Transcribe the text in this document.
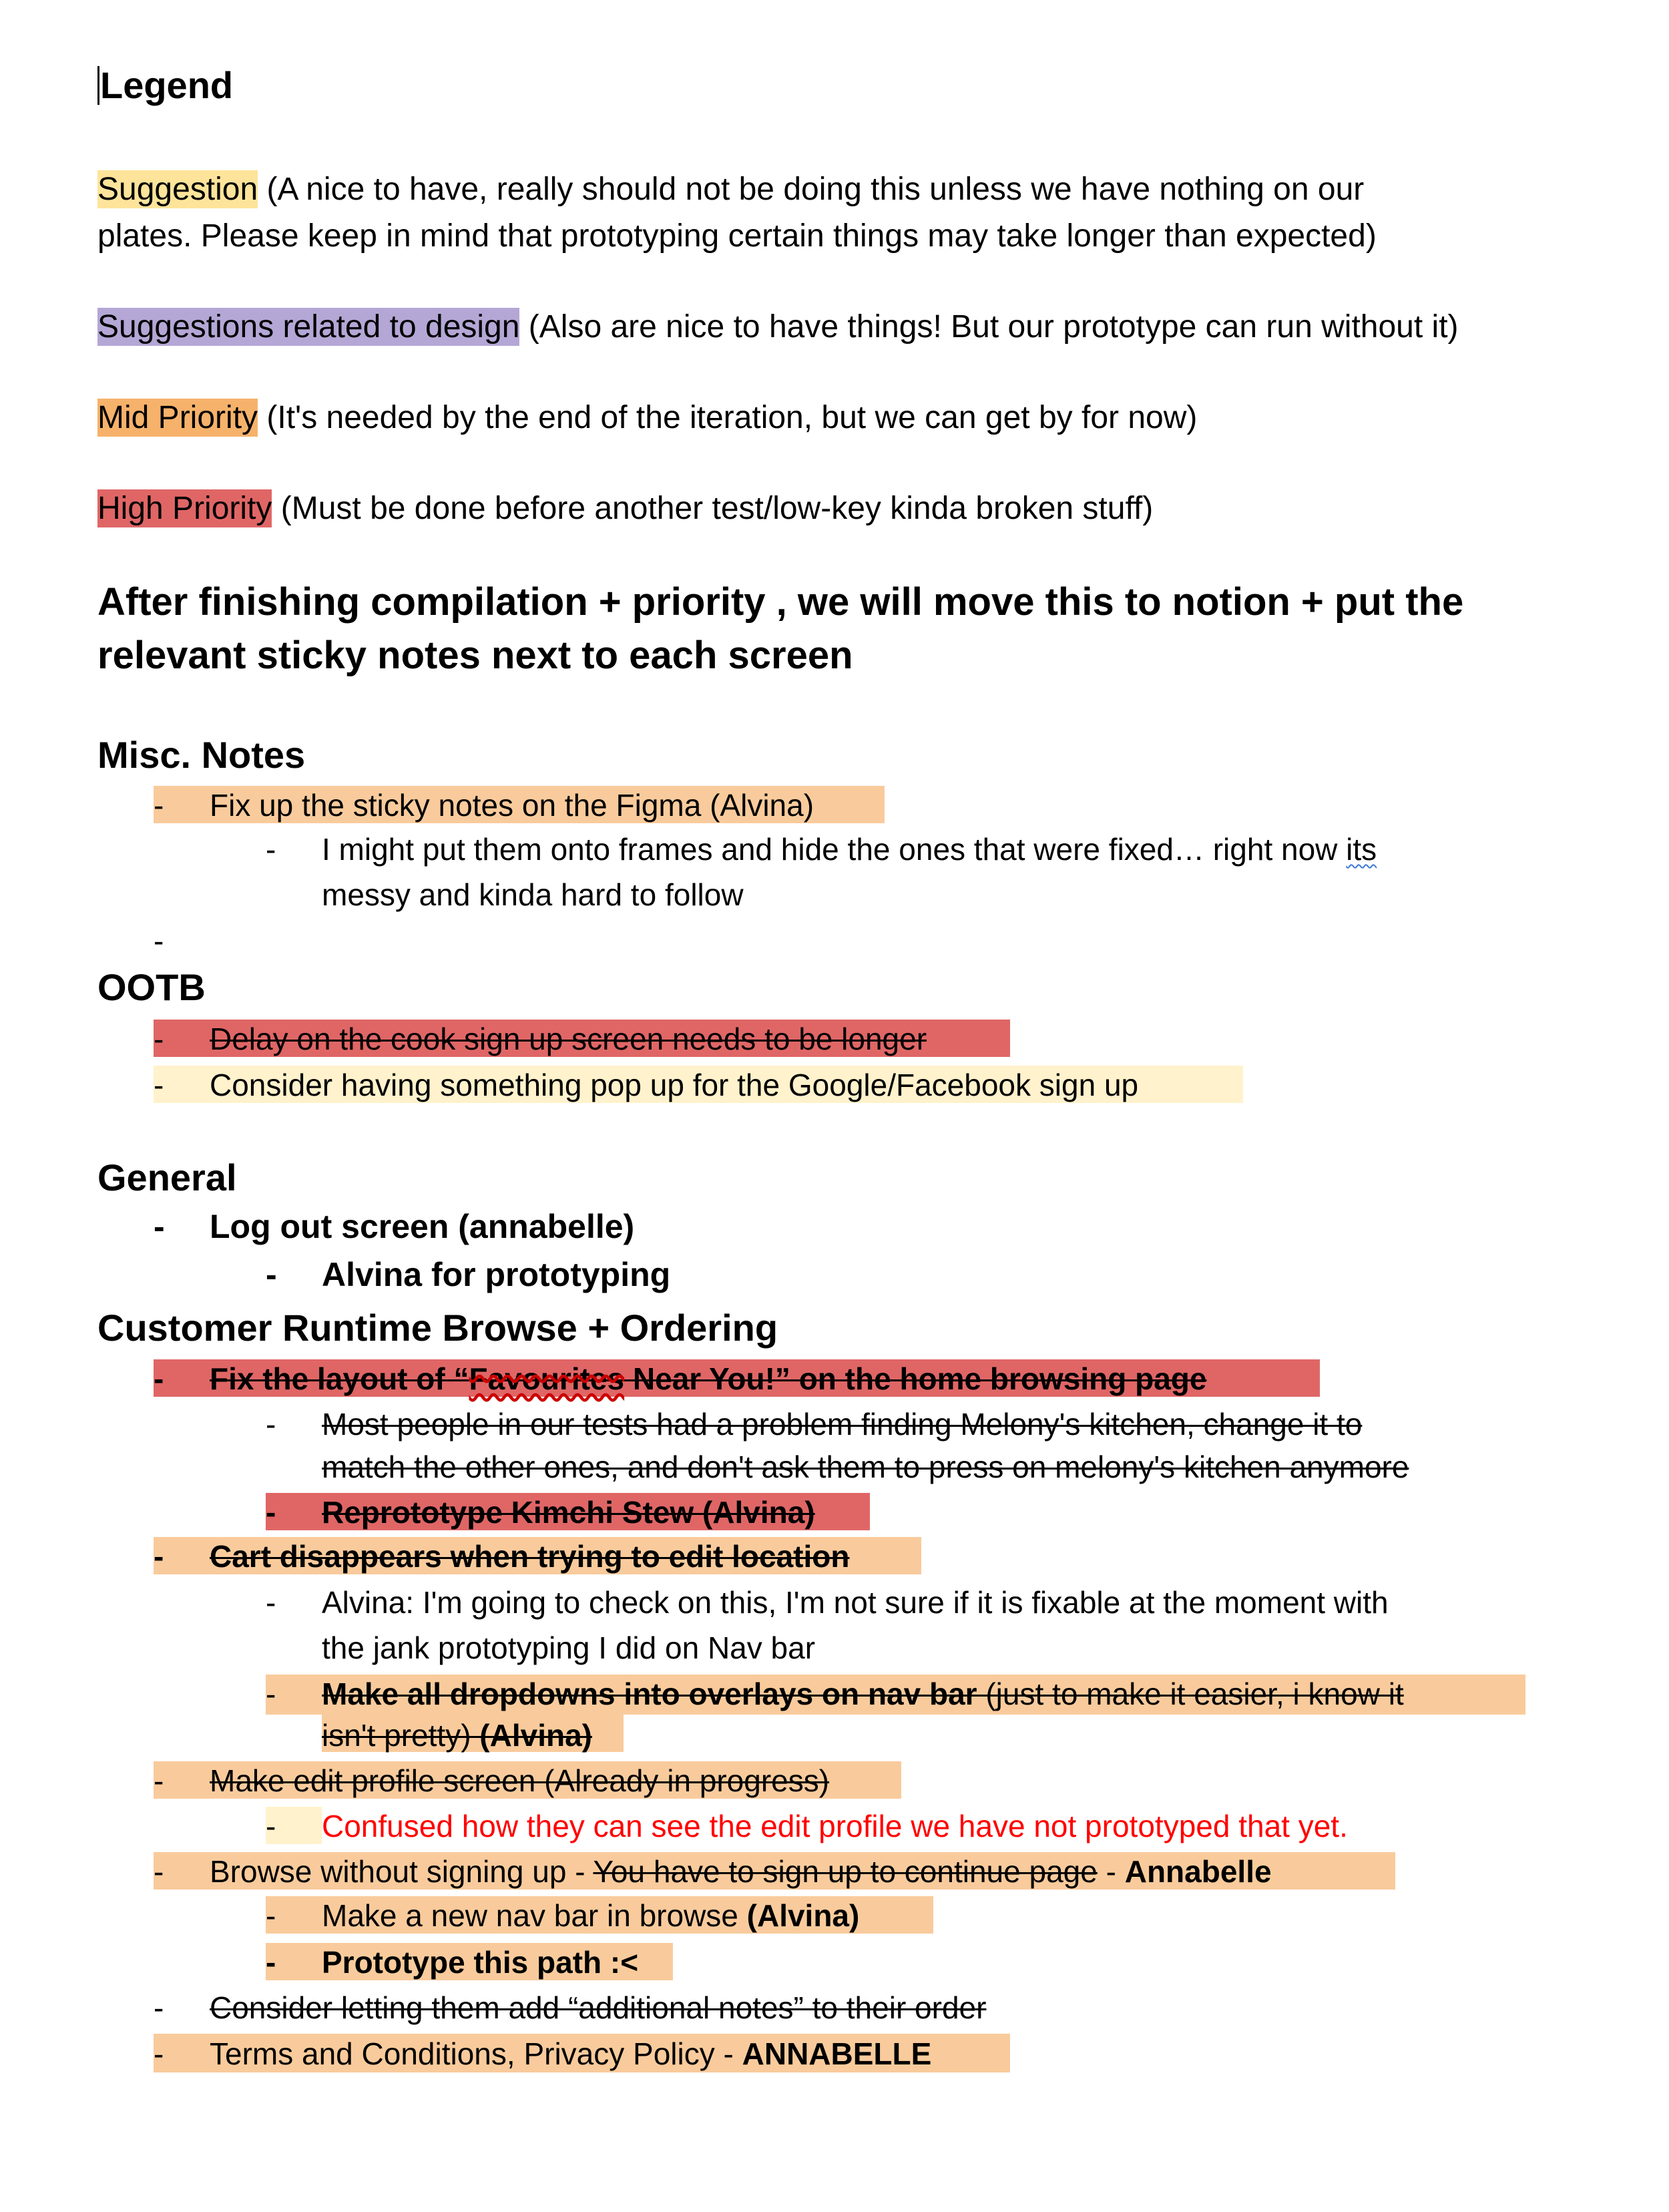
Legend
Suggestion (A nice to have, really should not be doing this unless we have nothing on our
plates. Please keep in mind that prototyping certain things may take longer than expected)
Suggestions related to design (Also are nice to have things! But our prototype can run without it)
Mid Priority (It's needed by the end of the iteration, but we can get by for now)
High Priority (Must be done before another test/low-key kinda broken stuff)
After finishing compilation + priority , we will move this to notion + put the
relevant sticky notes next to each screen
Misc. Notes
- Fix up the sticky notes on the Figma (Alvina)
- I might put them onto frames and hide the ones that were fixed… right now its
messy and kinda hard to follow
-
OOTB
- Delay on the cook sign up screen needs to be longer
- Consider having something pop up for the Google/Facebook sign up
General
- Log out screen (annabelle)
- Alvina for prototyping
Customer Runtime Browse + Ordering
- Fix the layout of “Favourites Near You!” on the home browsing page
- Most people in our tests had a problem finding Melony's kitchen, change it to
match the other ones, and don't ask them to press on melony's kitchen anymore
- Reprototype Kimchi Stew (Alvina)
- Cart disappears when trying to edit location
- Alvina: I'm going to check on this, I'm not sure if it is fixable at the moment with
the jank prototyping I did on Nav bar
- Make all dropdowns into overlays on nav bar (just to make it easier, i know it
isn't pretty) (Alvina)
- Make edit profile screen (Already in progress)
- Confused how they can see the edit profile we have not prototyped that yet.
- Browse without signing up - You have to sign up to continue page - Annabelle
- Make a new nav bar in browse (Alvina)
- Prototype this path :<
- Consider letting them add “additional notes” to their order
- Terms and Conditions, Privacy Policy - ANNABELLE
